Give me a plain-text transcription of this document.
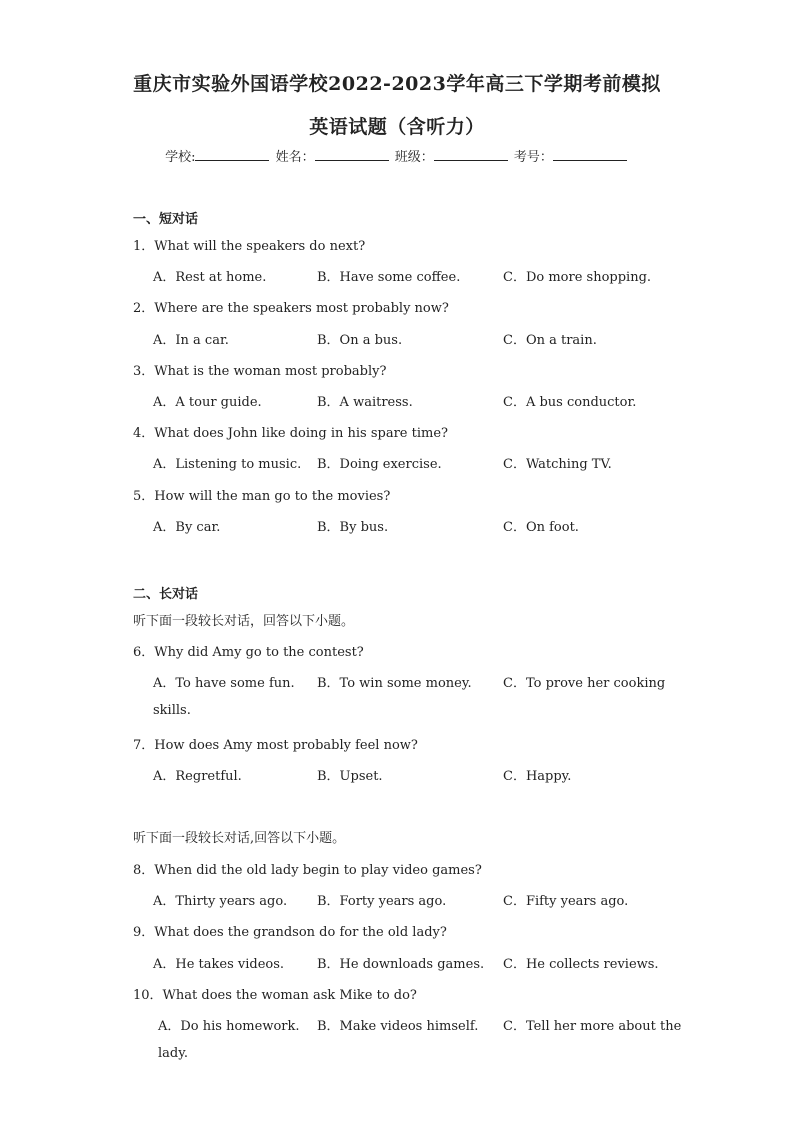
重庆市实验外国语学校2022-2023学年高三下学期考前模拟
英语试题（含听力）
学校:	姓名：	班级：	考号：
一、短对话
1．What will the speakers do next?
A．Rest at home.	B．Have some coffee.	C．Do more shopping.
2．Where are the speakers most probably now?
A．In a car.	B．On a bus.	C．On a train.
3．What is the woman most probably?
A．A tour guide.	B．A waitress.	C．A bus conductor.
4．What does John like doing in his spare time?
A．Listening to music. B．Doing exercise.	C．Watching TV.
5．How will the man go to the movies?
A．By car.	B．By bus.	C．On foot.
二、长对话
听下面一段较长对话，回答以下小题。
6．Why did Amy go to the contest?
A．To have some fun. B．To win some money. C．To prove her cooking
skills.
7．How does Amy most probably feel now?
A．Regretful.	B．Upset.	C．Happy.
听下面一段较长对话,回答以下小题。
8．When did the old lady begin to play video games?
A．Thirty years ago. B．Forty years ago.	C．Fifty years ago.
9．What does the grandson do for the old lady?
A．He takes videos.	B．He downloads games. C．He collects reviews.
10．What does the woman ask Mike to do?
A．Do his homework. B．Make videos himself. C．Tell her more about the
lady.
